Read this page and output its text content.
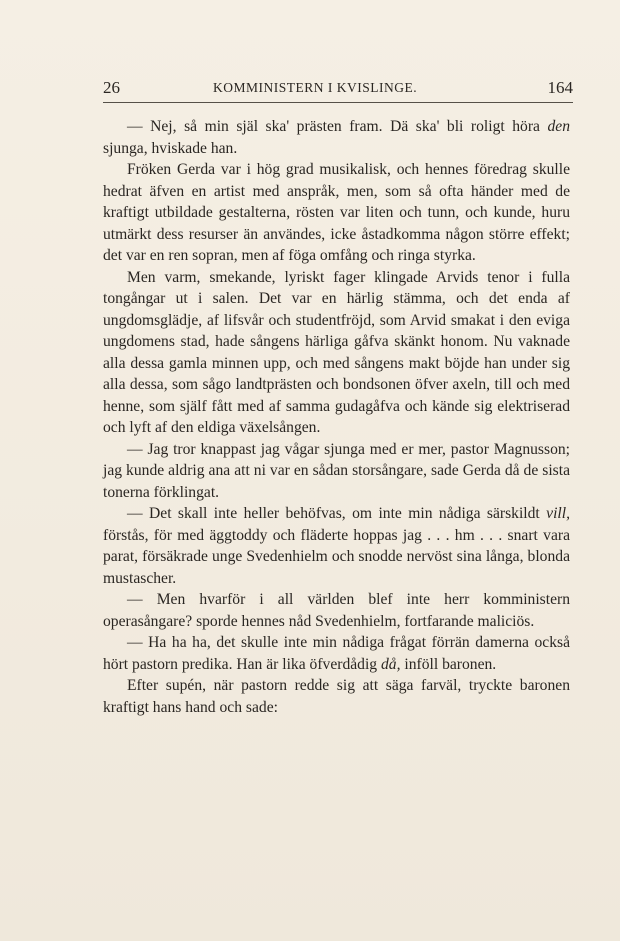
26	KOMMINISTERN I KVISLINGE.	164

— Nej, så min själ ska' prästen fram. Dä ska' bli roligt höra den sjunga, hviskade han.

Fröken Gerda var i hög grad musikalisk, och hennes föredrag skulle hedrat äfven en artist med anspråk, men, som så ofta händer med de kraftigt utbildade gestalterna, rösten var liten och tunn, och kunde, huru utmärkt dess resurser än användes, icke åstadkomma någon större effekt; det var en ren sopran, men af föga omfång och ringa styrka.

Men varm, smekande, lyriskt fager klingade Arvids tenor i fulla tongångar ut i salen. Det var en härlig stämma, och det enda af ungdomsglädje, af lifsvår och studentfröjd, som Arvid smakat i den eviga ungdomens stad, hade sångens härliga gåfva skänkt honom. Nu vaknade alla dessa gamla minnen upp, och med sångens makt böjde han under sig alla dessa, som sågo landtprästen och bondsonen öfver axeln, till och med henne, som själf fått med af samma gudagåfva och kände sig elektriserad och lyft af den eldiga växelsången.

— Jag tror knappast jag vågar sjunga med er mer, pastor Magnusson; jag kunde aldrig ana att ni var en sådan storsångare, sade Gerda då de sista tonerna förklingat.

— Det skall inte heller behöfvas, om inte min nådiga särskildt vill, förstås, för med äggtoddy och fläderte hoppas jag . . . hm . . . snart vara parat, försäkrade unge Svedenhielm och snodde nervöst sina långa, blonda mustascher.

— Men hvarför i all världen blef inte herr komministern operasångare? sporde hennes nåd Svedenhielm, fortfarande maliciös.

— Ha ha ha, det skulle inte min nådiga frågat förrän damerna också hört pastorn predika. Han är lika öfverdådig då, inföll baronen.

Efter supén, när pastorn redde sig att säga farväl, tryckte baronen kraftigt hans hand och sade:
